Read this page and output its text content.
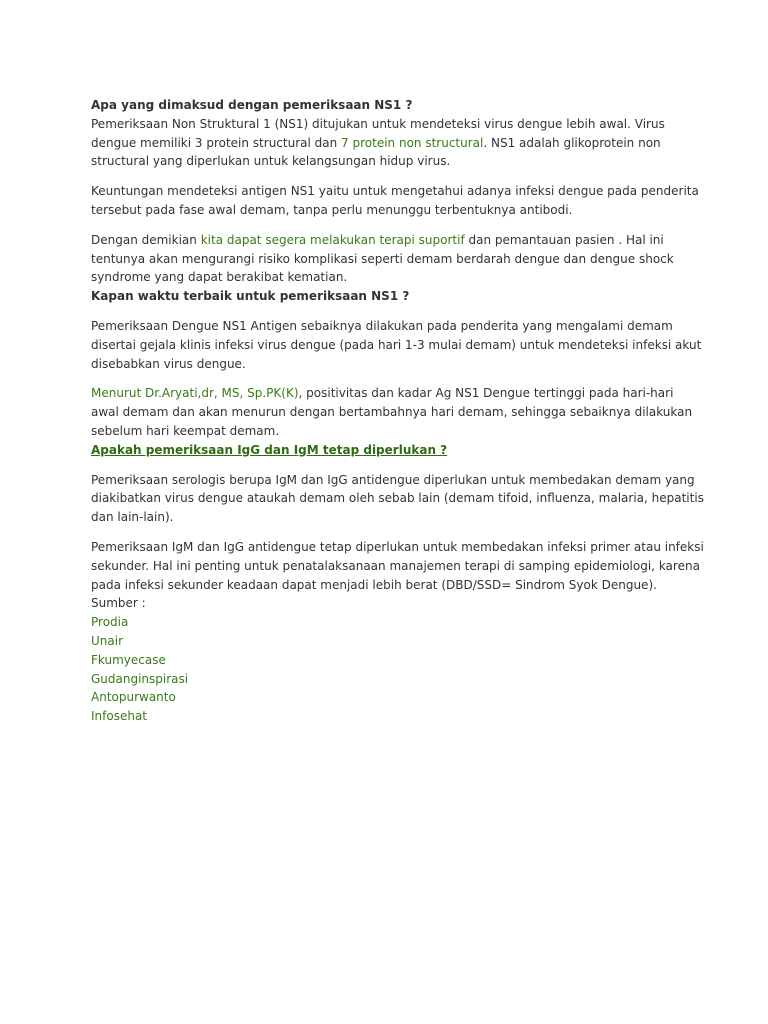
Apa yang dimaksud dengan pemeriksaan NS1 ?

Pemeriksaan Non Struktural 1 (NS1) ditujukan untuk mendeteksi virus dengue lebih awal. Virus
dengue memiliki 3 protein structural dan 7 protein non structural. NS1 adalah glikoprotein non
structural yang diperlukan untuk kelangsungan hidup virus.

Keuntungan mendeteksi antigen NS1 yaitu untuk mengetahui adanya infeksi dengue pada penderita
tersebut pada fase awal demam, tanpa perlu menunggu terbentuknya antibodi.

Dengan demikian kita dapat segera melakukan terapi suportif dan pemantauan pasien . Hal ini
tentunya akan mengurangi risiko komplikasi seperti demam berdarah dengue dan dengue shock
syndrome yang dapat berakibat kematian.

Kapan waktu terbaik untuk pemeriksaan NS1 ?

Pemeriksaan Dengue NS1 Antigen sebaiknya dilakukan pada penderita yang mengalami demam
disertai gejala klinis infeksi virus dengue (pada hari 1-3 mulai demam) untuk mendeteksi infeksi akut
disebabkan virus dengue.

Menurut Dr.Aryati,dr, MS, Sp.PK(K), positivitas dan kadar Ag NS1 Dengue tertinggi pada hari-hari
awal demam dan akan menurun dengan bertambahnya hari demam, sehingga sebaiknya dilakukan
sebelum hari keempat demam.

Apakah pemeriksaan IgG dan IgM tetap diperlukan ?

Pemeriksaan serologis berupa IgM dan IgG antidengue diperlukan untuk membedakan demam yang
diakibatkan virus dengue ataukah demam oleh sebab lain (demam tifoid, influenza, malaria, hepatitis
dan lain-lain).

Pemeriksaan IgM dan IgG antidengue tetap diperlukan untuk membedakan infeksi primer atau infeksi
sekunder. Hal ini penting untuk penatalaksanaan manajemen terapi di samping epidemiologi, karena
pada infeksi sekunder keadaan dapat menjadi lebih berat (DBD/SSD= Sindrom Syok Dengue).

Sumber :
Prodia
Unair
Fkumyecase
Gudanginspirasi
Antopurwanto
Infosehat
